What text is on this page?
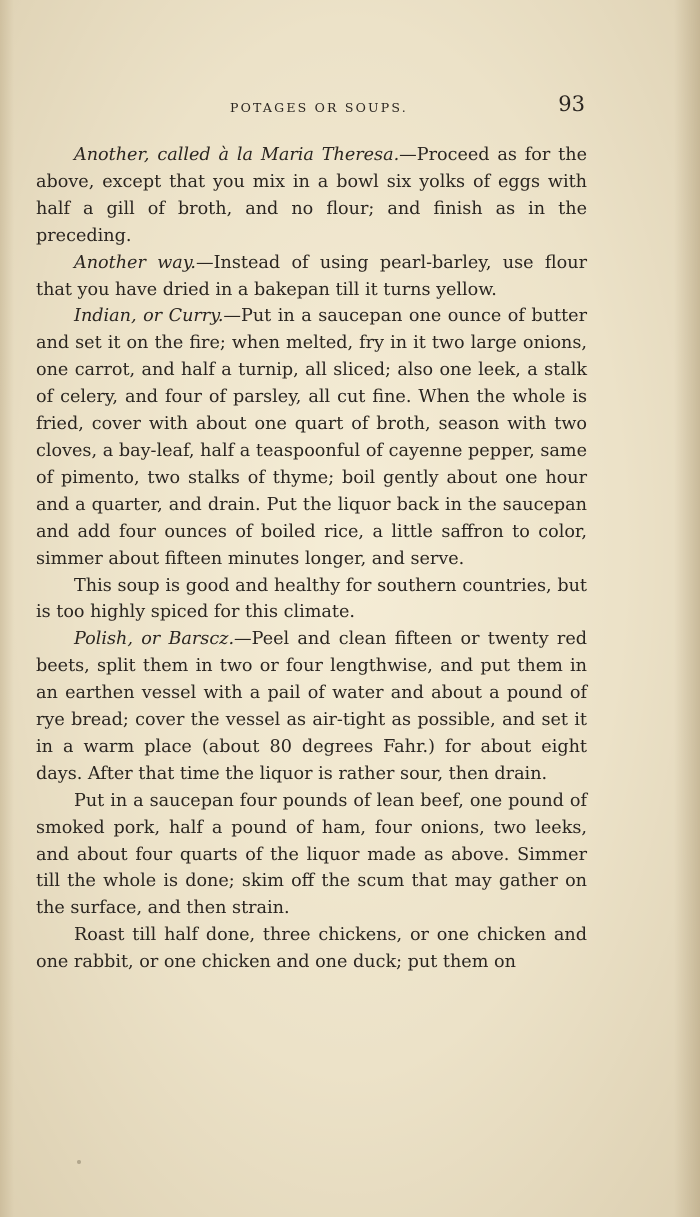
POTAGES OR SOUPS.	93

Another, called à la Maria Theresa.—Proceed as for the above, except that you mix in a bowl six yolks of eggs with half a gill of broth, and no flour; and finish as in the preceding.

Another way.—Instead of using pearl-barley, use flour that you have dried in a bakepan till it turns yellow.

Indian, or Curry.—Put in a saucepan one ounce of butter and set it on the fire; when melted, fry in it two large onions, one carrot, and half a turnip, all sliced; also one leek, a stalk of celery, and four of parsley, all cut fine. When the whole is fried, cover with about one quart of broth, season with two cloves, a bay-leaf, half a teaspoonful of cayenne pepper, same of pimento, two stalks of thyme; boil gently about one hour and a quarter, and drain. Put the liquor back in the saucepan and add four ounces of boiled rice, a little saffron to color, simmer about fifteen minutes longer, and serve.

This soup is good and healthy for southern countries, but is too highly spiced for this climate.

Polish, or Barscz.—Peel and clean fifteen or twenty red beets, split them in two or four lengthwise, and put them in an earthen vessel with a pail of water and about a pound of rye bread; cover the vessel as air-tight as possible, and set it in a warm place (about 80 degrees Fahr.) for about eight days. After that time the liquor is rather sour, then drain.

Put in a saucepan four pounds of lean beef, one pound of smoked pork, half a pound of ham, four onions, two leeks, and about four quarts of the liquor made as above. Simmer till the whole is done; skim off the scum that may gather on the surface, and then strain.

Roast till half done, three chickens, or one chicken and one rabbit, or one chicken and one duck; put them on
